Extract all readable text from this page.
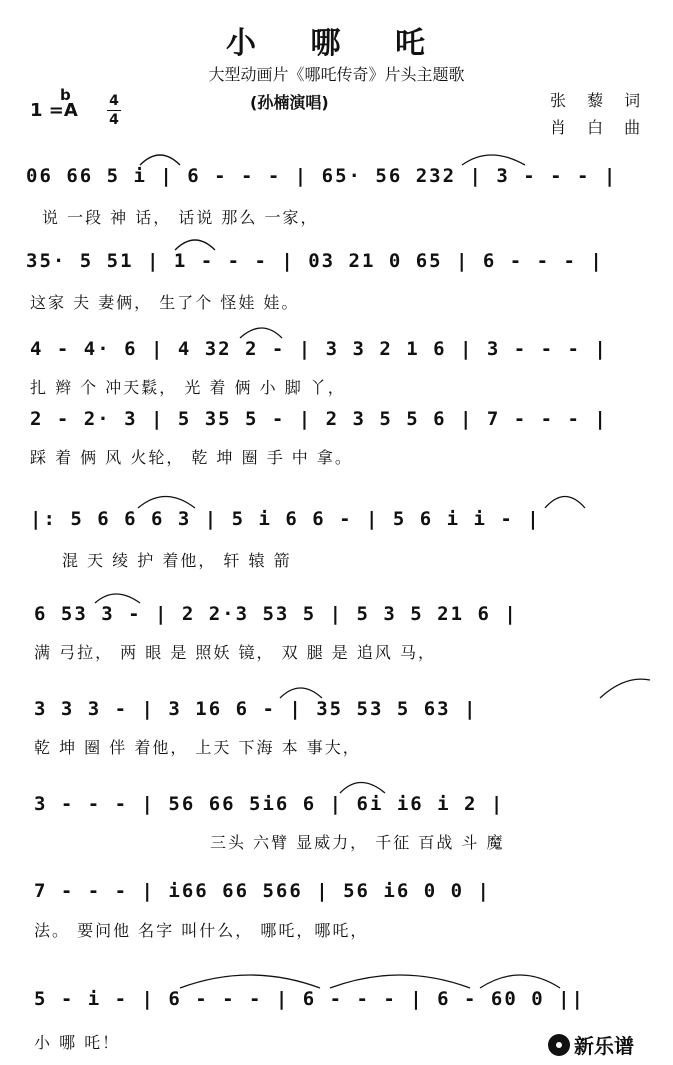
小 哪 吒
大型动画片《哪吒传奇》片头主题歌
(孙楠演唱)
1 =A
b	4
4
张 藜 词
肖 白 曲
06 66 5 i | 6 - - - | 65· 56 232 | 3 - - - |
说 一段 神 话， 话说 那么 一家，
35· 5 51 | 1 - - - | 03 21 0 65 | 6 - - - |
这家 夫 妻俩， 生了个 怪娃 娃。
4 - 4· 6 | 4 32 2 - | 3 3 2 1 6 | 3 - - - |
扎 辫 个 冲天鬏， 光 着 俩 小 脚 丫，
2 - 2· 3 | 5 35 5 - | 2 3 5 5 6 | 7 - - - |
踩 着 俩 风 火轮， 乾 坤 圈 手 中 拿。
|: 5 6 6 6 3 | 5 i 6 6 - | 5 6 i i - |
混 天 绫 护 着他， 轩 辕 箭
6 53 3 - | 2 2·3 53 5 | 5 3 5 21 6 |
满 弓拉， 两 眼 是 照妖 镜， 双 腿 是 追风 马，
3 3 3 - | 3 16 6 - | 35 53 5 63 |
乾 坤 圈 伴 着他， 上天 下海 本 事大，
3 - - - | 56 66 5i6 6 | 6i i6 i 2 |
三头 六臂 显威力， 千征 百战 斗 魔
7 - - - | i66 66 566 | 56 i6 0 0 |
法。 要问他 名字 叫什么， 哪吒，哪吒，
5 - i - | 6 - - - | 6 - - - | 6 - 60 0 ||
小 哪 吒！	新乐谱
